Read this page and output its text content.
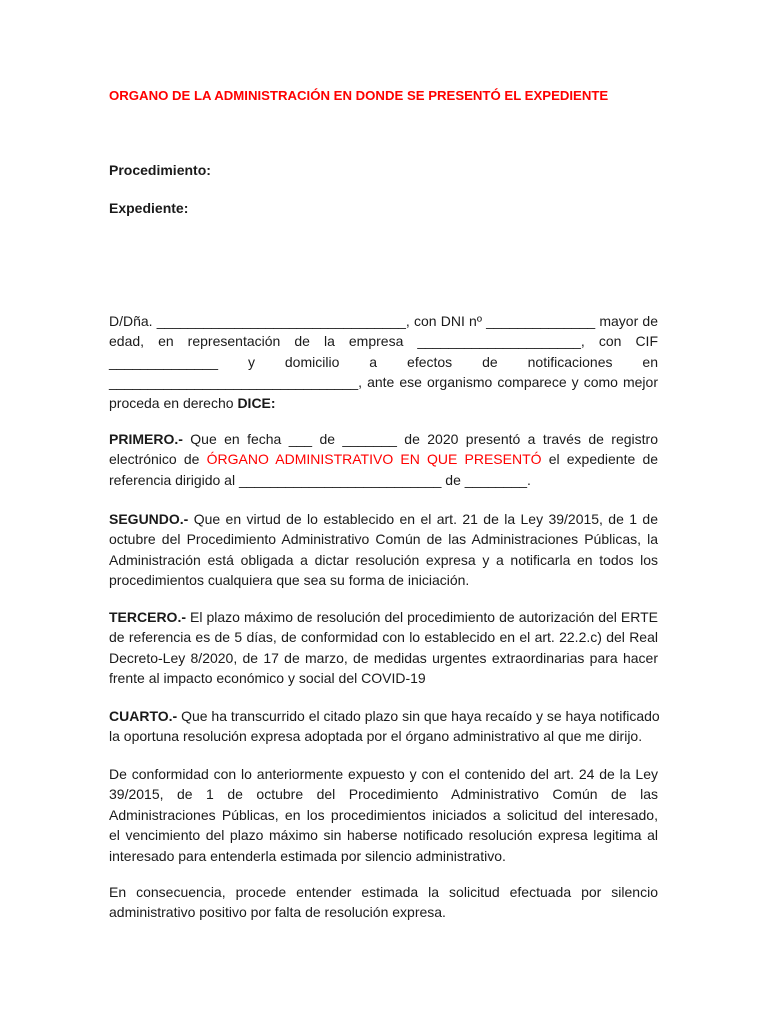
ORGANO DE LA ADMINISTRACIÓN EN DONDE SE PRESENTÓ EL EXPEDIENTE
Procedimiento:
Expediente:
D/Dña. ________________________________, con DNI nº ______________ mayor de
edad, en representación de la empresa _____________________, con CIF
______________ y domicilio a efectos de notificaciones en
________________________________, ante ese organismo comparece y como mejor
proceda en derecho DICE:
PRIMERO.- Que en fecha ___ de _______ de 2020 presentó a través de registro
electrónico de ÓRGANO ADMINISTRATIVO EN QUE PRESENTÓ el expediente de
referencia dirigido al __________________________ de ________.
SEGUNDO.- Que en virtud de lo establecido en el art. 21 de la Ley 39/2015, de 1 de
octubre del Procedimiento Administrativo Común de las Administraciones Públicas, la
Administración está obligada a dictar resolución expresa y a notificarla en todos los
procedimientos cualquiera que sea su forma de iniciación.
TERCERO.- El plazo máximo de resolución del procedimiento de autorización del ERTE
de referencia es de 5 días, de conformidad con lo establecido en el art. 22.2.c) del Real
Decreto-Ley 8/2020, de 17 de marzo, de medidas urgentes extraordinarias para hacer
frente al impacto económico y social del COVID-19
CUARTO.- Que ha transcurrido el citado plazo sin que haya recaído y se haya notificado
la oportuna resolución expresa adoptada por el órgano administrativo al que me dirijo.
De conformidad con lo anteriormente expuesto y con el contenido del art. 24 de la Ley
39/2015, de 1 de octubre del Procedimiento Administrativo Común de las
Administraciones Públicas, en los procedimientos iniciados a solicitud del interesado,
el vencimiento del plazo máximo sin haberse notificado resolución expresa legitima al
interesado para entenderla estimada por silencio administrativo.
En consecuencia, procede entender estimada la solicitud efectuada por silencio
administrativo positivo por falta de resolución expresa.
